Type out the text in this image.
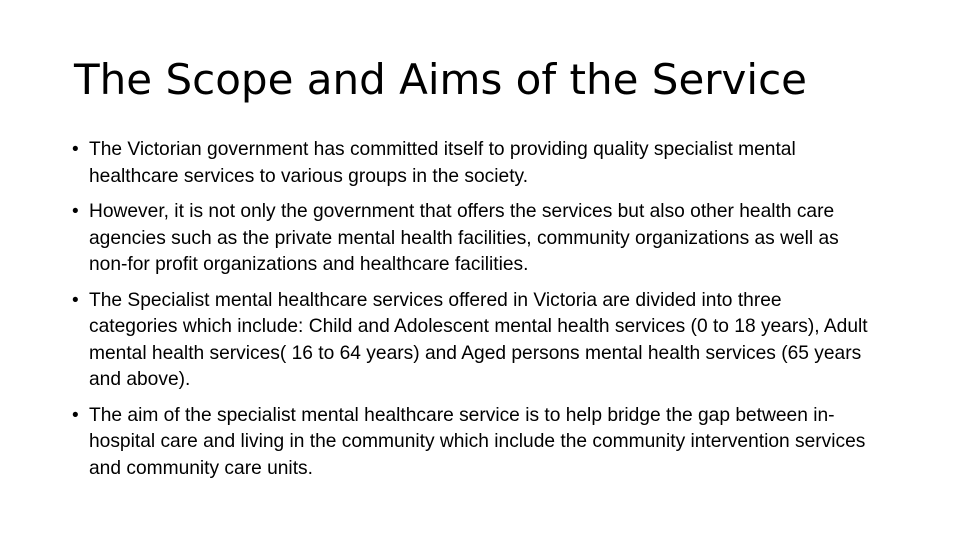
The Scope and Aims of the Service
• The Victorian government has committed itself to providing quality specialist mental healthcare services to various groups in the society.
• However, it is not only the government that offers the services but also other health care agencies such as the private mental health facilities, community organizations as well as non-for profit organizations and healthcare facilities.
• The Specialist mental healthcare services offered in Victoria are divided into three categories which include: Child and Adolescent mental health services (0 to 18 years), Adult mental health services( 16 to 64 years) and Aged persons mental health services (65 years and above).
• The aim of the specialist mental healthcare service is to help bridge the gap between in-hospital care and living in the community which include the community intervention services and community care units.
